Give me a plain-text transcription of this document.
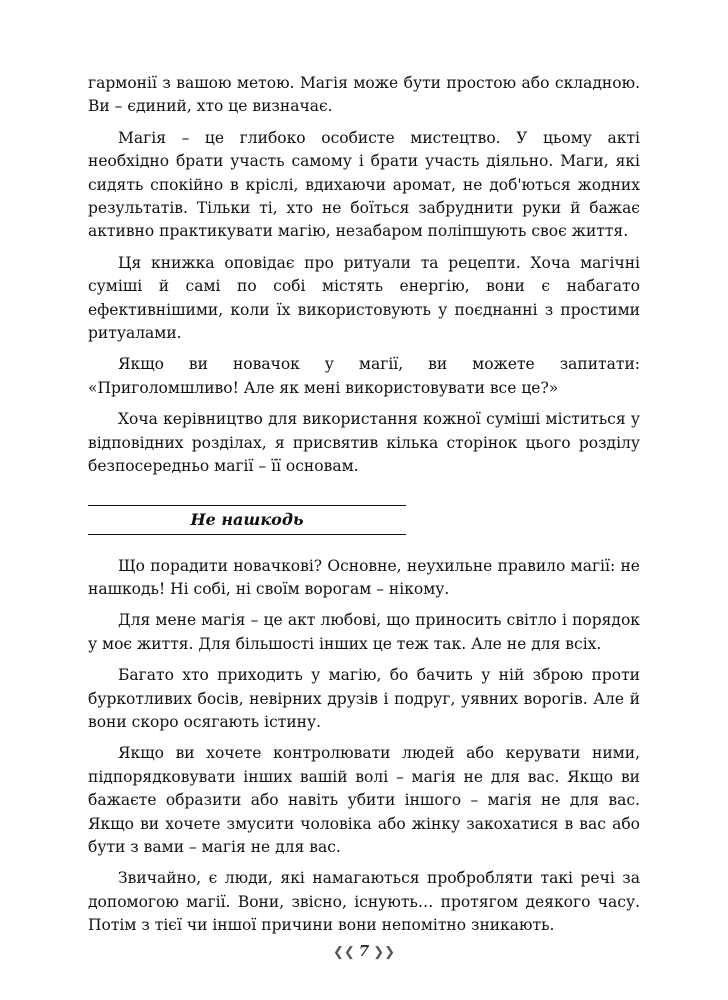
гармонії з вашою метою. Магія може бути простою або складною. Ви – єдиний, хто це визначає.

Магія – це глибоко особисте мистецтво. У цьому акті необхідно брати участь самому і брати участь діяльно. Маги, які сидять спокійно в кріслі, вдихаючи аромат, не доб'ються жодних результатів. Тільки ті, хто не боїться забруднити руки й бажає активно практикувати магію, незабаром поліпшують своє життя.

Ця книжка оповідає про ритуали та рецепти. Хоча магічні суміші й самі по собі містять енергію, вони є набагато ефективнішими, коли їх використовують у поєднанні з простими ритуалами.

Якщо ви новачок у магії, ви можете запитати: «Приголомшливо! Але як мені використовувати все це?»

Хоча керівництво для використання кожної суміші міститься у відповідних розділах, я присвятив кілька сторінок цього розділу безпосередньо магії – її основам.

Не нашкодь

Що порадити новачкові? Основне, неухильне правило магії: не нашкодь! Ні собі, ні своїм ворогам – нікому.

Для мене магія – це акт любові, що приносить світло і порядок у моє життя. Для більшості інших це теж так. Але не для всіх.

Багато хто приходить у магію, бо бачить у ній зброю проти буркотливих босів, невірних друзів і подруг, уявних ворогів. Але й вони скоро осягають істину.

Якщо ви хочете контролювати людей або керувати ними, підпорядковувати інших вашій волі – магія не для вас. Якщо ви бажаєте образити або навіть убити іншого – магія не для вас. Якщо ви хочете змусити чоловіка або жінку закохатися в вас або бути з вами – магія не для вас.

Звичайно, є люди, які намагаються пробробляти такі речі за допомогою магії. Вони, звісно, існують… протягом деякого часу. Потім з тієї чи іншої причини вони непомітно зникають.

❮❮ 7 ❯❯
